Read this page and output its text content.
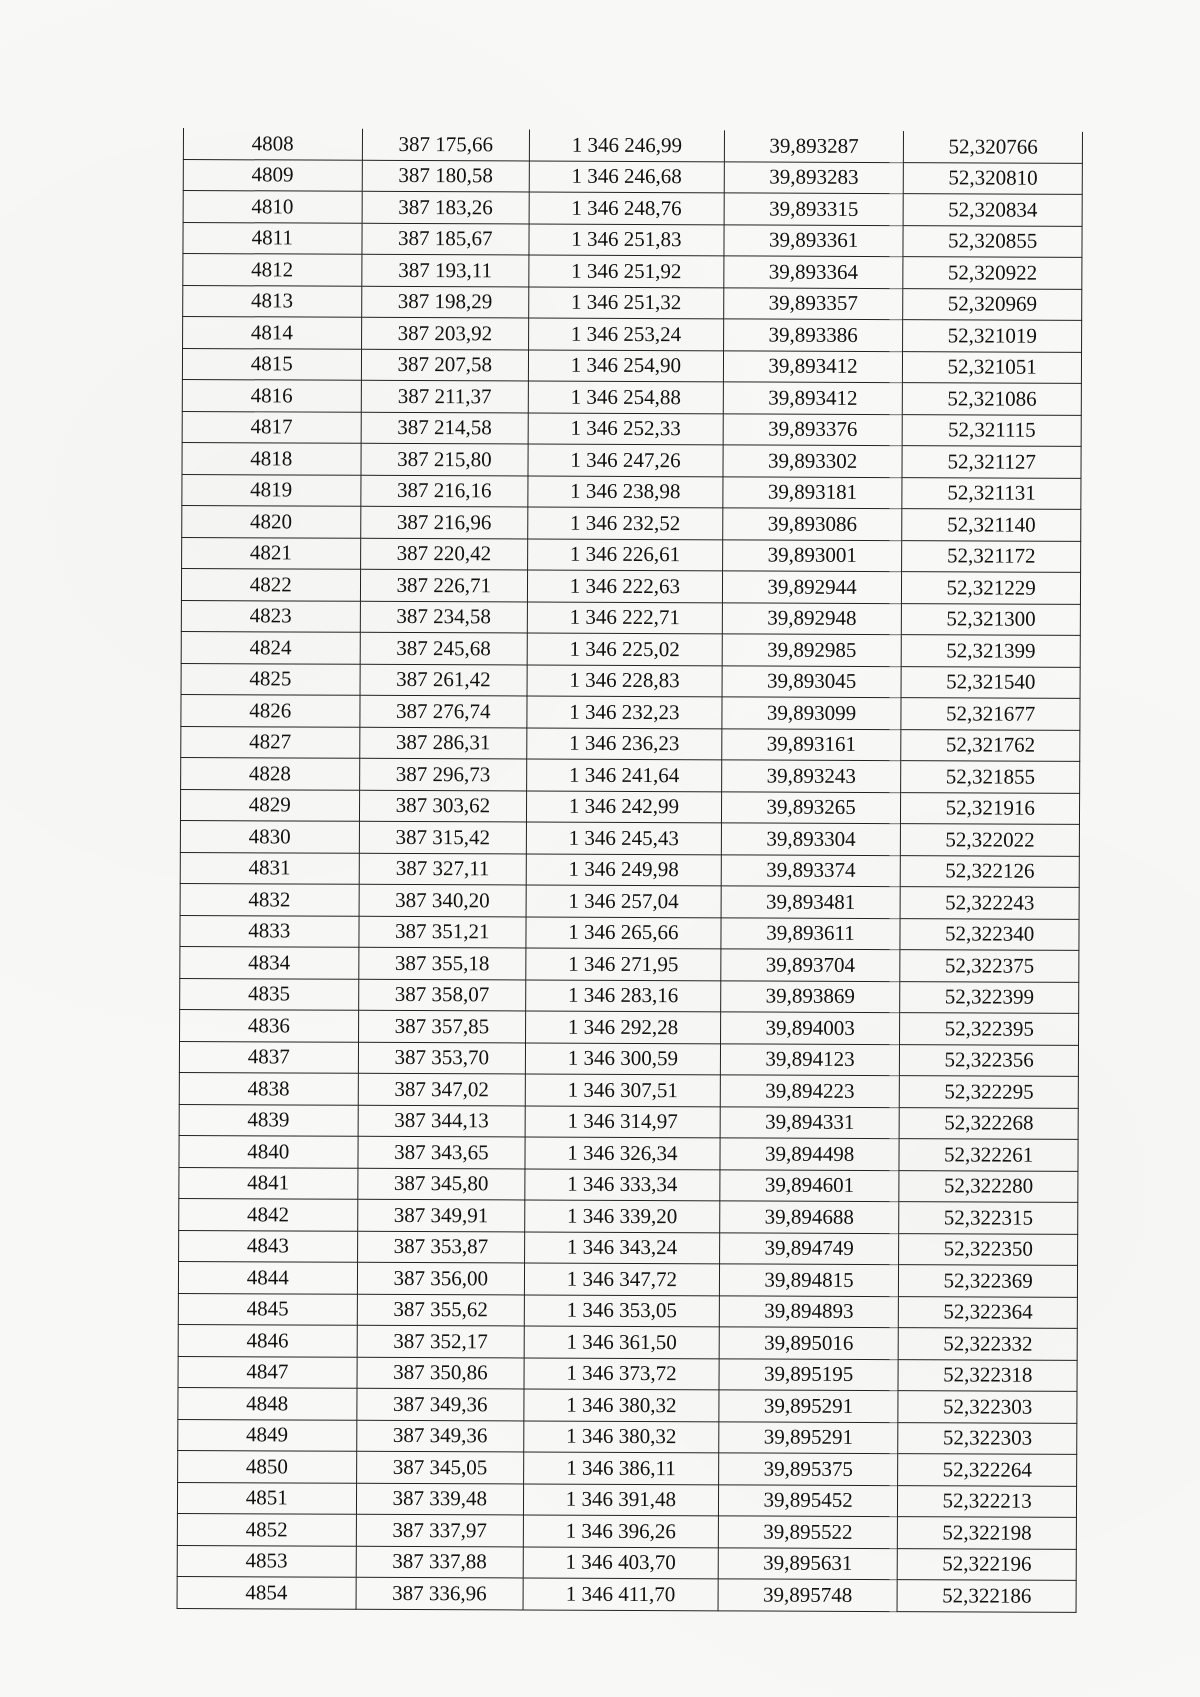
4808	387 175,66	1 346 246,99	39,893287	52,320766
4809	387 180,58	1 346 246,68	39,893283	52,320810
4810	387 183,26	1 346 248,76	39,893315	52,320834
4811	387 185,67	1 346 251,83	39,893361	52,320855
4812	387 193,11	1 346 251,92	39,893364	52,320922
4813	387 198,29	1 346 251,32	39,893357	52,320969
4814	387 203,92	1 346 253,24	39,893386	52,321019
4815	387 207,58	1 346 254,90	39,893412	52,321051
4816	387 211,37	1 346 254,88	39,893412	52,321086
4817	387 214,58	1 346 252,33	39,893376	52,321115
4818	387 215,80	1 346 247,26	39,893302	52,321127
4819	387 216,16	1 346 238,98	39,893181	52,321131
4820	387 216,96	1 346 232,52	39,893086	52,321140
4821	387 220,42	1 346 226,61	39,893001	52,321172
4822	387 226,71	1 346 222,63	39,892944	52,321229
4823	387 234,58	1 346 222,71	39,892948	52,321300
4824	387 245,68	1 346 225,02	39,892985	52,321399
4825	387 261,42	1 346 228,83	39,893045	52,321540
4826	387 276,74	1 346 232,23	39,893099	52,321677
4827	387 286,31	1 346 236,23	39,893161	52,321762
4828	387 296,73	1 346 241,64	39,893243	52,321855
4829	387 303,62	1 346 242,99	39,893265	52,321916
4830	387 315,42	1 346 245,43	39,893304	52,322022
4831	387 327,11	1 346 249,98	39,893374	52,322126
4832	387 340,20	1 346 257,04	39,893481	52,322243
4833	387 351,21	1 346 265,66	39,893611	52,322340
4834	387 355,18	1 346 271,95	39,893704	52,322375
4835	387 358,07	1 346 283,16	39,893869	52,322399
4836	387 357,85	1 346 292,28	39,894003	52,322395
4837	387 353,70	1 346 300,59	39,894123	52,322356
4838	387 347,02	1 346 307,51	39,894223	52,322295
4839	387 344,13	1 346 314,97	39,894331	52,322268
4840	387 343,65	1 346 326,34	39,894498	52,322261
4841	387 345,80	1 346 333,34	39,894601	52,322280
4842	387 349,91	1 346 339,20	39,894688	52,322315
4843	387 353,87	1 346 343,24	39,894749	52,322350
4844	387 356,00	1 346 347,72	39,894815	52,322369
4845	387 355,62	1 346 353,05	39,894893	52,322364
4846	387 352,17	1 346 361,50	39,895016	52,322332
4847	387 350,86	1 346 373,72	39,895195	52,322318
4848	387 349,36	1 346 380,32	39,895291	52,322303
4849	387 349,36	1 346 380,32	39,895291	52,322303
4850	387 345,05	1 346 386,11	39,895375	52,322264
4851	387 339,48	1 346 391,48	39,895452	52,322213
4852	387 337,97	1 346 396,26	39,895522	52,322198
4853	387 337,88	1 346 403,70	39,895631	52,322196
4854	387 336,96	1 346 411,70	39,895748	52,322186
